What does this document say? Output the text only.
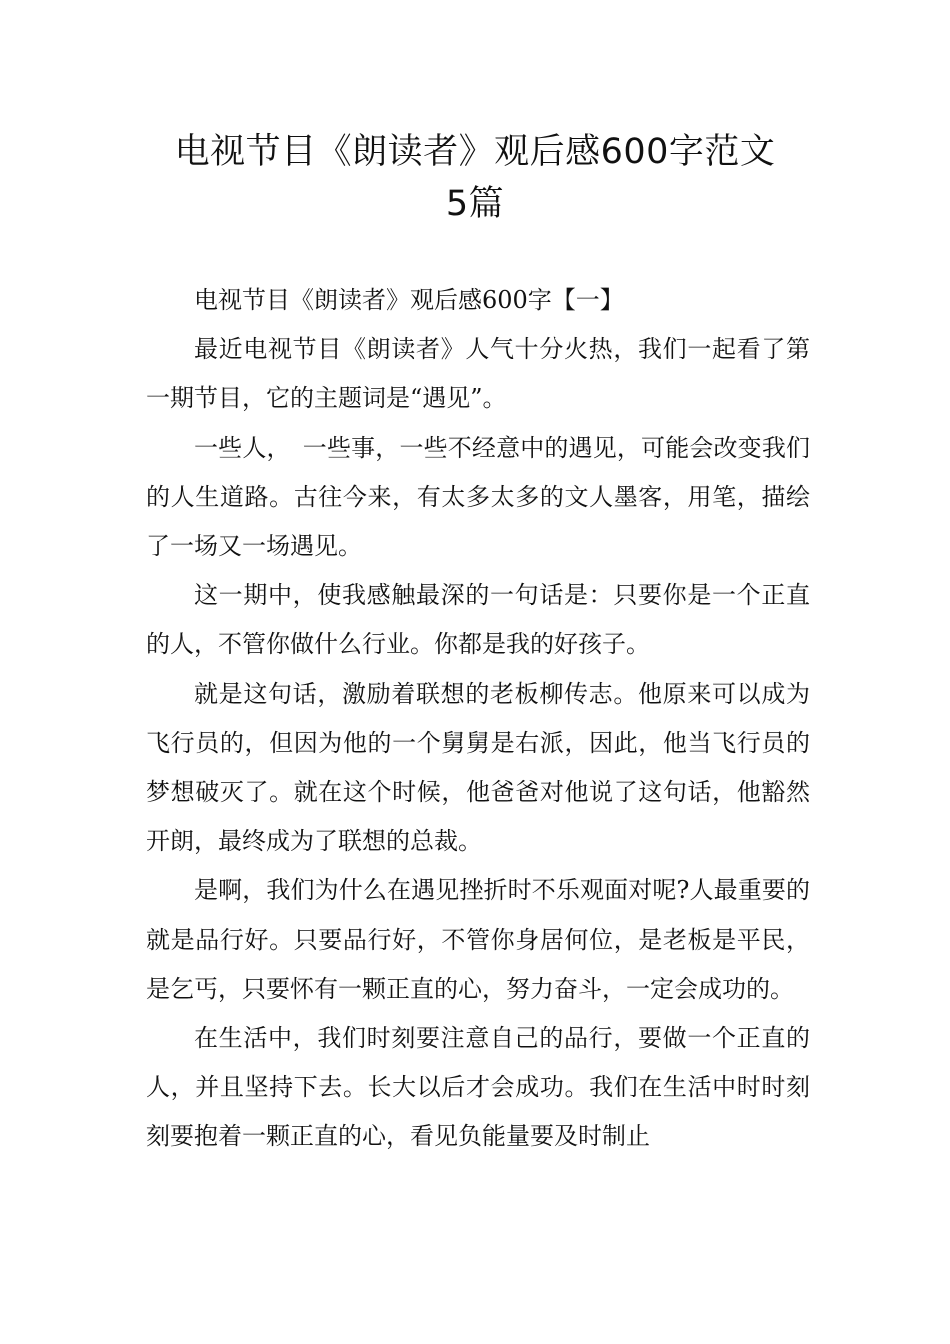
电视节目《朗读者》观后感600字范文
5篇

电视节目《朗读者》观后感600字【一】

最近电视节目《朗读者》人气十分火热，我们一起看了第一期节目，它的主题词是“遇见”。

一些人，　一些事，一些不经意中的遇见，可能会改变我们的人生道路。古往今来，有太多太多的文人墨客，用笔，描绘了一场又一场遇见。

这一期中，使我感触最深的一句话是：只要你是一个正直的人，不管你做什么行业。你都是我的好孩子。

就是这句话，激励着联想的老板柳传志。他原来可以成为飞行员的，但因为他的一个舅舅是右派，因此，他当飞行员的梦想破灭了。就在这个时候，他爸爸对他说了这句话，他豁然开朗，最终成为了联想的总裁。

是啊，我们为什么在遇见挫折时不乐观面对呢?人最重要的就是品行好。只要品行好，不管你身居何位，是老板是平民，是乞丐，只要怀有一颗正直的心，努力奋斗，一定会成功的。

在生活中，我们时刻要注意自己的品行，要做一个正直的人，并且坚持下去。长大以后才会成功。我们在生活中时时刻刻要抱着一颗正直的心，看见负能量要及时制止
